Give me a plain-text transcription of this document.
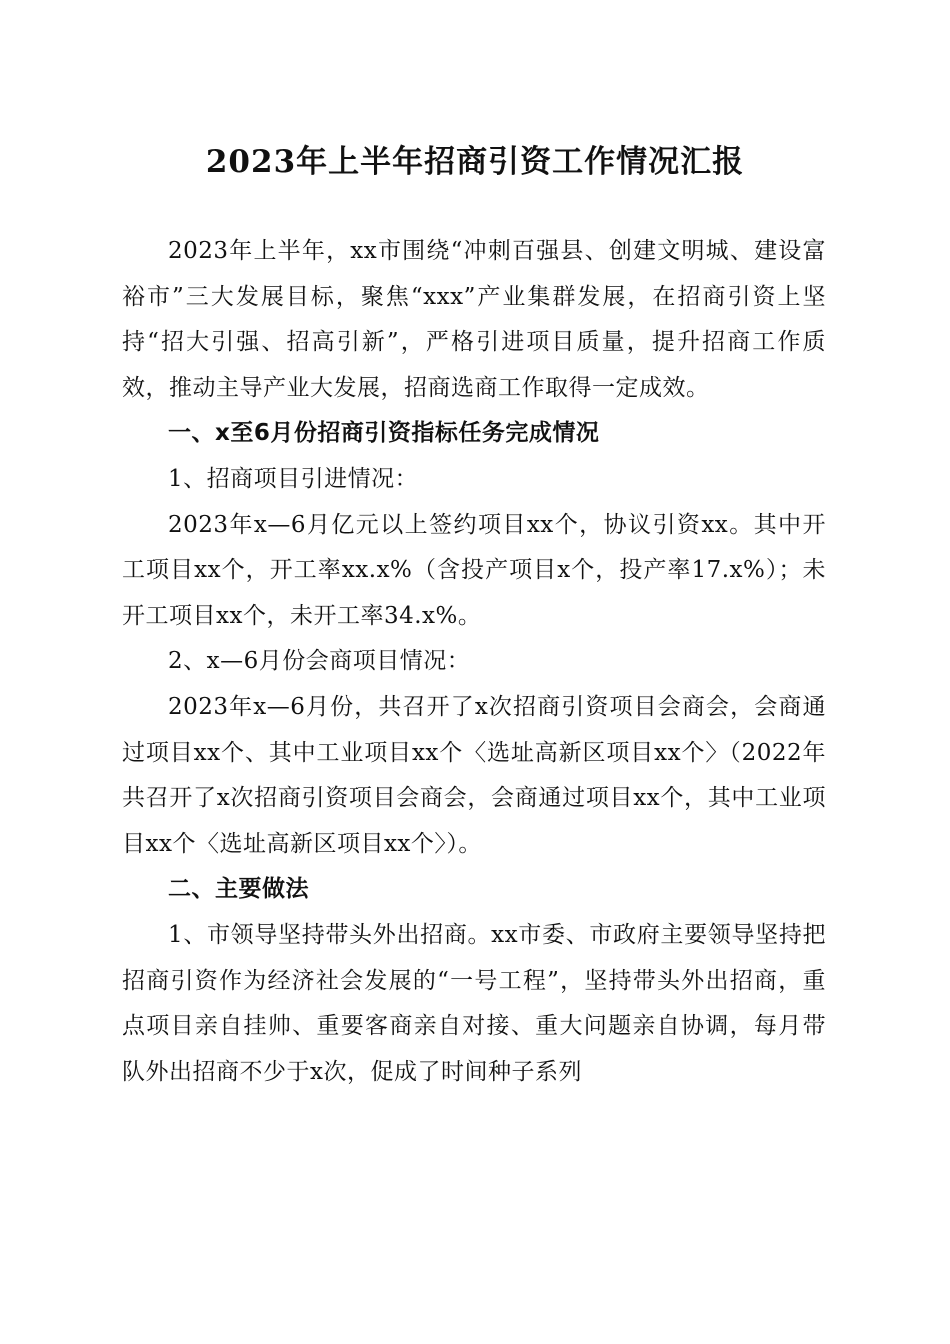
2023年上半年招商引资工作情况汇报

2023年上半年，xx市围绕“冲刺百强县、创建文明城、建设富裕市”三大发展目标，聚焦“xxx”产业集群发展，在招商引资上坚持“招大引强、招高引新”，严格引进项目质量，提升招商工作质效，推动主导产业大发展，招商选商工作取得一定成效。

一、x至6月份招商引资指标任务完成情况

1、招商项目引进情况：

2023年x—6月亿元以上签约项目xx个，协议引资xx。其中开工项目xx个，开工率xx.x%（含投产项目x个，投产率17.x%）；未开工项目xx个，未开工率34.x%。

2、x—6月份会商项目情况：

2023年x—6月份，共召开了x次招商引资项目会商会，会商通过项目xx个、其中工业项目xx个〈选址高新区项目xx个〉（2022年共召开了x次招商引资项目会商会，会商通过项目xx个，其中工业项目xx个〈选址高新区项目xx个〉）。

二、主要做法

1、市领导坚持带头外出招商。xx市委、市政府主要领导坚持把招商引资作为经济社会发展的“一号工程”，坚持带头外出招商，重点项目亲自挂帅、重要客商亲自对接、重大问题亲自协调，每月带队外出招商不少于x次，促成了时间种子系列
